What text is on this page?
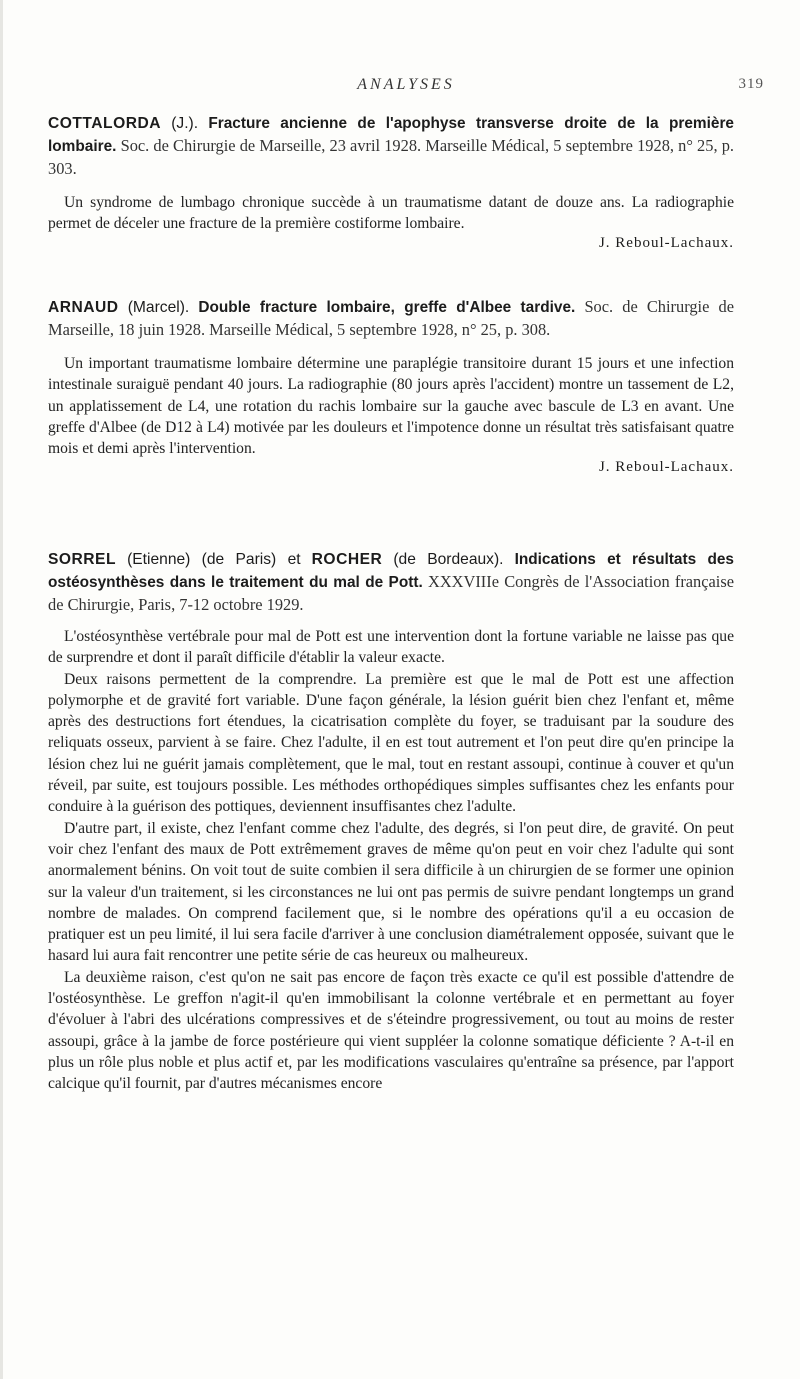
ANALYSES	319
COTTALORDA (J.). Fracture ancienne de l'apophyse transverse droite de la première lombaire. Soc. de Chirurgie de Marseille, 23 avril 1928. Marseille Médical, 5 septembre 1928, n° 25, p. 303.

Un syndrome de lumbago chronique succède à un traumatisme datant de douze ans. La radiographie permet de déceler une fracture de la première costiforme lombaire.

J. Reboul-Lachaux.
ARNAUD (Marcel). Double fracture lombaire, greffe d'Albee tardive. Soc. de Chirurgie de Marseille, 18 juin 1928. Marseille Médical, 5 septembre 1928, n° 25, p. 308.

Un important traumatisme lombaire détermine une paraplégie transitoire durant 15 jours et une infection intestinale suraiguë pendant 40 jours. La radiographie (80 jours après l'accident) montre un tassement de L2, un applatissement de L4, une rotation du rachis lombaire sur la gauche avec bascule de L3 en avant. Une greffe d'Albee (de D12 à L4) motivée par les douleurs et l'impotence donne un résultat très satisfaisant quatre mois et demi après l'intervention.

J. Reboul-Lachaux.
SORREL (Etienne) (de Paris) et ROCHER (de Bordeaux). Indications et résultats des ostéosynthèses dans le traitement du mal de Pott. XXXVIIIe Congrès de l'Association française de Chirurgie, Paris, 7-12 octobre 1929.

L'ostéosynthèse vertébrale pour mal de Pott est une intervention dont la fortune variable ne laisse pas que de surprendre et dont il paraît difficile d'établir la valeur exacte.

Deux raisons permettent de la comprendre. La première est que le mal de Pott est une affection polymorphe et de gravité fort variable. D'une façon générale, la lésion guérit bien chez l'enfant et, même après des destructions fort étendues, la cicatrisation complète du foyer, se traduisant par la soudure des reliquats osseux, parvient à se faire. Chez l'adulte, il en est tout autrement et l'on peut dire qu'en principe la lésion chez lui ne guérit jamais complètement, que le mal, tout en restant assoupi, continue à couver et qu'un réveil, par suite, est toujours possible. Les méthodes orthopédiques simples suffisantes chez les enfants pour conduire à la guérison des pottiques, deviennent insuffisantes chez l'adulte.

D'autre part, il existe, chez l'enfant comme chez l'adulte, des degrés, si l'on peut dire, de gravité. On peut voir chez l'enfant des maux de Pott extrêmement graves de même qu'on peut en voir chez l'adulte qui sont anormalement bénins. On voit tout de suite combien il sera difficile à un chirurgien de se former une opinion sur la valeur d'un traitement, si les circonstances ne lui ont pas permis de suivre pendant longtemps un grand nombre de malades. On comprend facilement que, si le nombre des opérations qu'il a eu occasion de pratiquer est un peu limité, il lui sera facile d'arriver à une conclusion diamétralement opposée, suivant que le hasard lui aura fait rencontrer une petite série de cas heureux ou malheureux.

La deuxième raison, c'est qu'on ne sait pas encore de façon très exacte ce qu'il est possible d'attendre de l'ostéosynthèse. Le greffon n'agit-il qu'en immobilisant la colonne vertébrale et en permettant au foyer d'évoluer à l'abri des ulcérations compressives et de s'éteindre progressivement, ou tout au moins de rester assoupi, grâce à la jambe de force postérieure qui vient suppléer la colonne somatique déficiente ? A-t-il en plus un rôle plus noble et plus actif et, par les modifications vasculaires qu'entraîne sa présence, par l'apport calcique qu'il fournit, par d'autres mécanismes encore
